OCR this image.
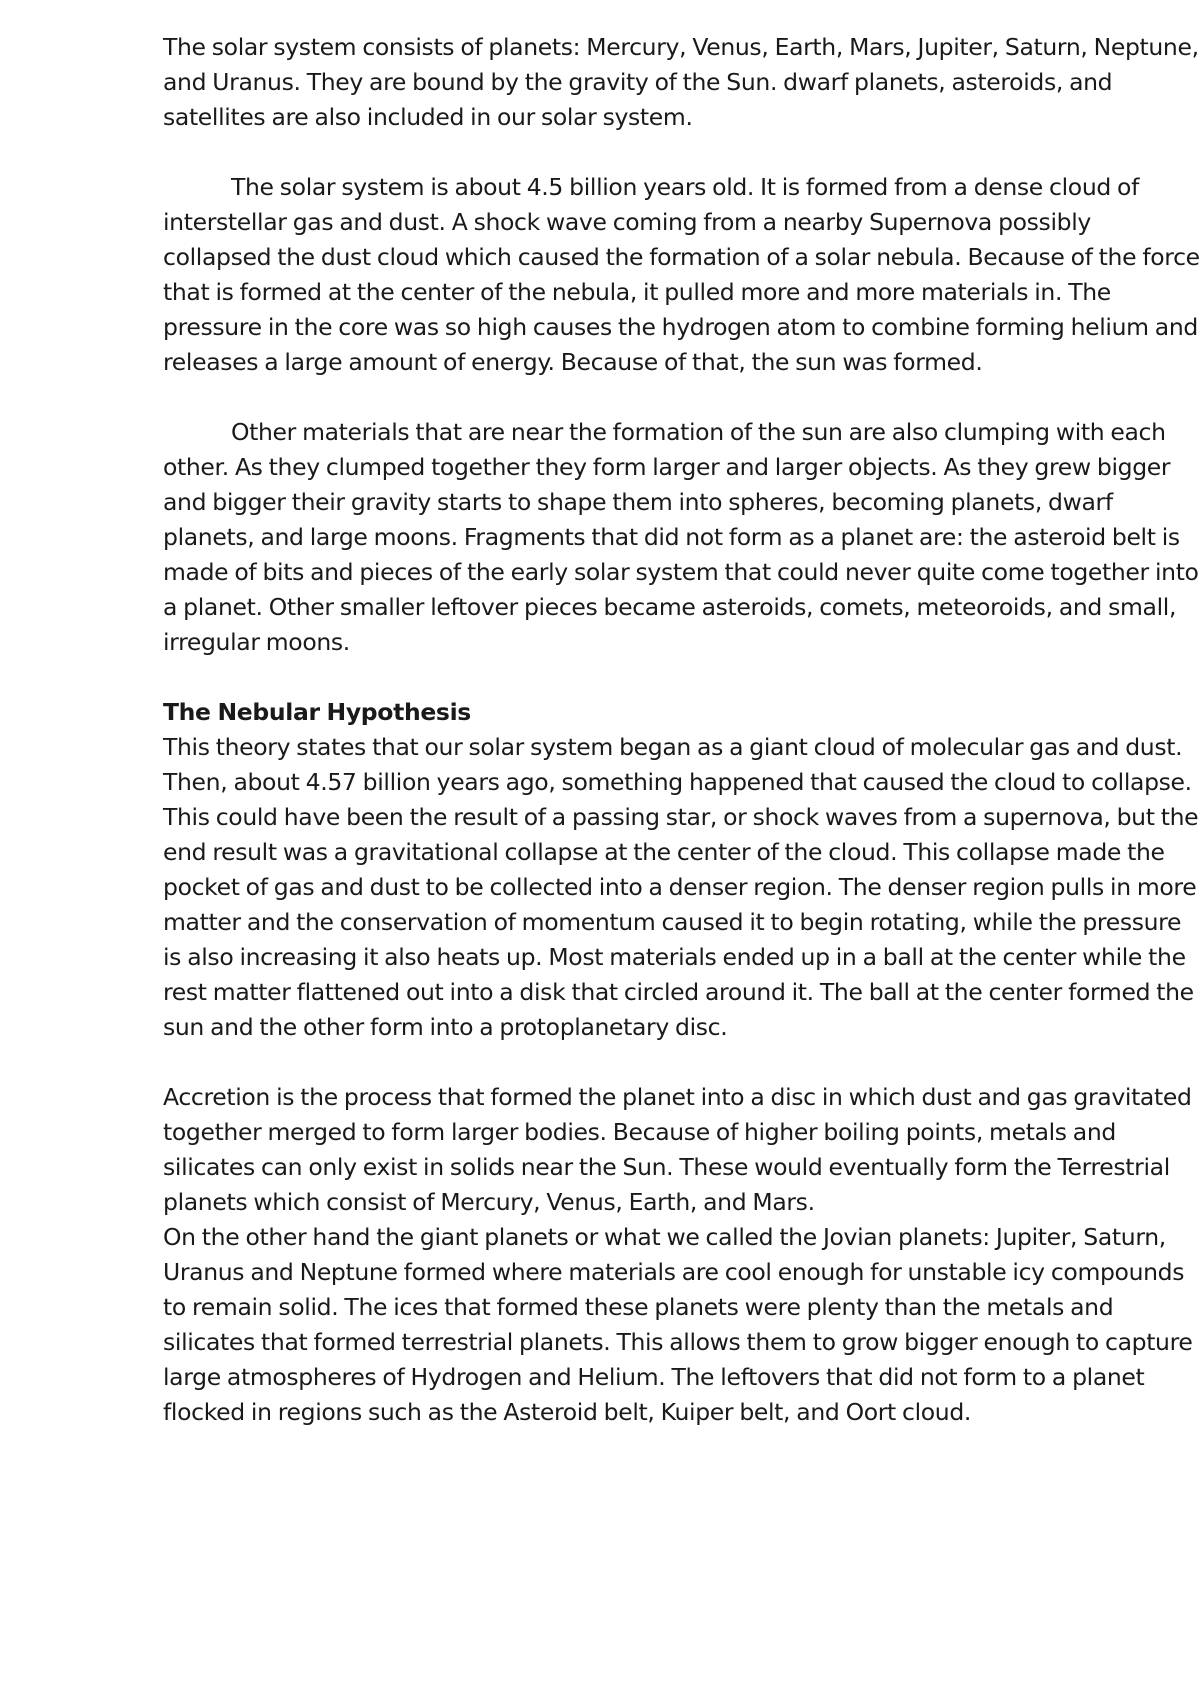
The solar system consists of planets: Mercury, Venus, Earth, Mars, Jupiter, Saturn, Neptune, and Uranus. They are bound by the gravity of the Sun. dwarf planets, asteroids, and satellites are also included in our solar system.

The solar system is about 4.5 billion years old. It is formed from a dense cloud of interstellar gas and dust. A shock wave coming from a nearby Supernova possibly collapsed the dust cloud which caused the formation of a solar nebula. Because of the force that is formed at the center of the nebula, it pulled more and more materials in. The pressure in the core was so high causes the hydrogen atom to combine forming helium and releases a large amount of energy. Because of that, the sun was formed.

Other materials that are near the formation of the sun are also clumping with each other. As they clumped together they form larger and larger objects. As they grew bigger and bigger their gravity starts to shape them into spheres, becoming planets, dwarf planets, and large moons. Fragments that did not form as a planet are: the asteroid belt is made of bits and pieces of the early solar system that could never quite come together into a planet. Other smaller leftover pieces became asteroids, comets, meteoroids, and small, irregular moons.

The Nebular Hypothesis

This theory states that our solar system began as a giant cloud of molecular gas and dust. Then, about 4.57 billion years ago, something happened that caused the cloud to collapse. This could have been the result of a passing star, or shock waves from a supernova, but the end result was a gravitational collapse at the center of the cloud. This collapse made the pocket of gas and dust to be collected into a denser region. The denser region pulls in more matter and the conservation of momentum caused it to begin rotating, while the pressure is also increasing it also heats up. Most materials ended up in a ball at the center while the rest matter flattened out into a disk that circled around it. The ball at the center formed the sun and the other form into a protoplanetary disc.

Accretion is the process that formed the planet into a disc in which dust and gas gravitated together merged to form larger bodies. Because of higher boiling points, metals and silicates can only exist in solids near the Sun. These would eventually form the Terrestrial planets which consist of Mercury, Venus, Earth, and Mars.

On the other hand the giant planets or what we called the Jovian planets: Jupiter, Saturn, Uranus and Neptune formed where materials are cool enough for unstable icy compounds to remain solid. The ices that formed these planets were plenty than the metals and silicates that formed terrestrial planets. This allows them to grow bigger enough to capture large atmospheres of Hydrogen and Helium. The leftovers that did not form to a planet flocked in regions such as the Asteroid belt, Kuiper belt, and Oort cloud.
